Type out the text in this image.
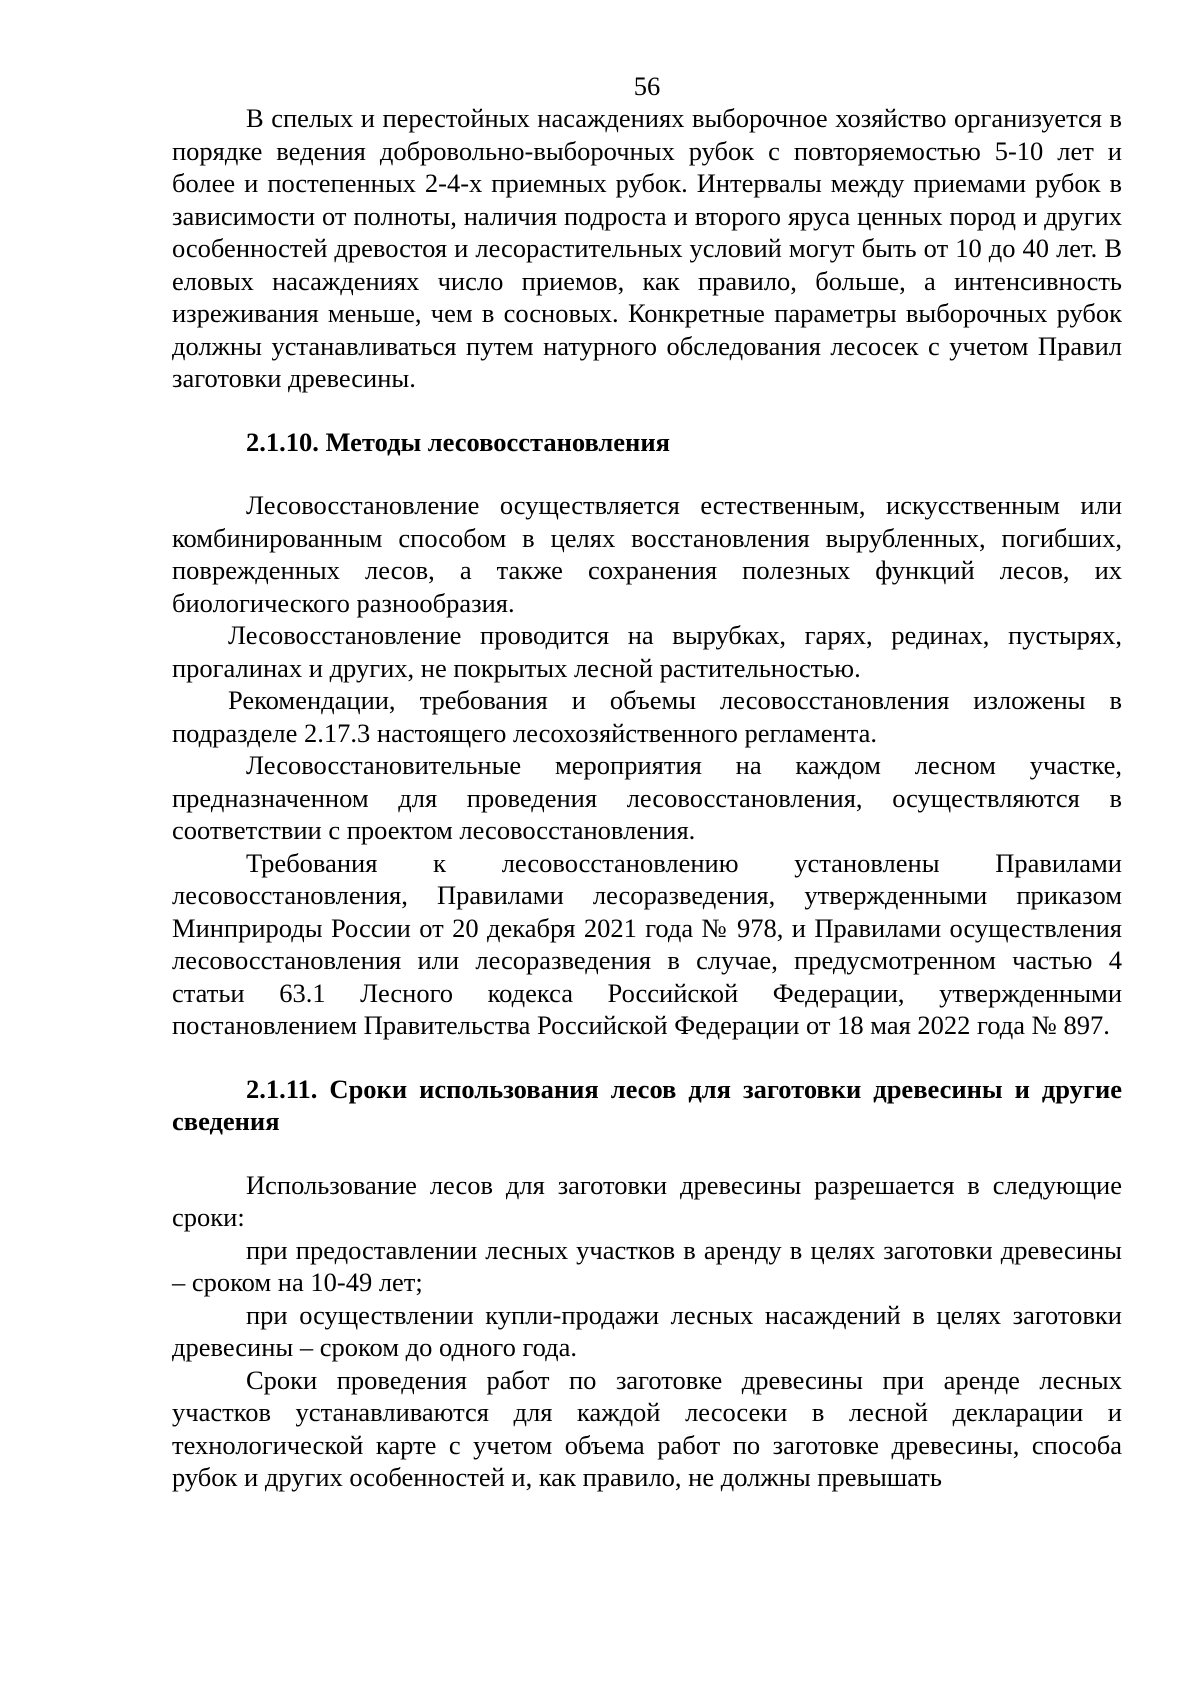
56

В спелых и перестойных насаждениях выборочное хозяйство организуется в порядке ведения добровольно-выборочных рубок с повторяемостью 5-10 лет и более и постепенных 2-4-х приемных рубок. Интервалы между приемами рубок в зависимости от полноты, наличия подроста и второго яруса ценных пород и других особенностей древостоя и лесорастительных условий могут быть от 10 до 40 лет. В еловых насаждениях число приемов, как правило, больше, а интенсивность изреживания меньше, чем в сосновых. Конкретные параметры выборочных рубок должны устанавливаться путем натурного обследования лесосек с учетом Правил заготовки древесины.

2.1.10. Методы лесовосстановления

Лесовосстановление осуществляется естественным, искусственным или комбинированным способом в целях восстановления вырубленных, погибших, поврежденных лесов, а также сохранения полезных функций лесов, их биологического разнообразия.

Лесовосстановление проводится на вырубках, гарях, рединах, пустырях, прогалинах и других, не покрытых лесной растительностью.

Рекомендации, требования и объемы лесовосстановления изложены в подразделе 2.17.3 настоящего лесохозяйственного регламента.

Лесовосстановительные мероприятия на каждом лесном участке, предназначенном для проведения лесовосстановления, осуществляются в соответствии с проектом лесовосстановления.

Требования к лесовосстановлению установлены Правилами лесовосстановления, Правилами лесоразведения, утвержденными приказом Минприроды России от 20 декабря 2021 года № 978, и Правилами осуществления лесовосстановления или лесоразведения в случае, предусмотренном частью 4 статьи 63.1 Лесного кодекса Российской Федерации, утвержденными постановлением Правительства Российской Федерации от 18 мая 2022 года № 897.

2.1.11. Сроки использования лесов для заготовки древесины и другие сведения

Использование лесов для заготовки древесины разрешается в следующие сроки:

при предоставлении лесных участков в аренду в целях заготовки древесины – сроком на 10-49 лет;

при осуществлении купли-продажи лесных насаждений в целях заготовки древесины – сроком до одного года.

Сроки проведения работ по заготовке древесины при аренде лесных участков устанавливаются для каждой лесосеки в лесной декларации и технологической карте с учетом объема работ по заготовке древесины, способа рубок и других особенностей и, как правило, не должны превышать
